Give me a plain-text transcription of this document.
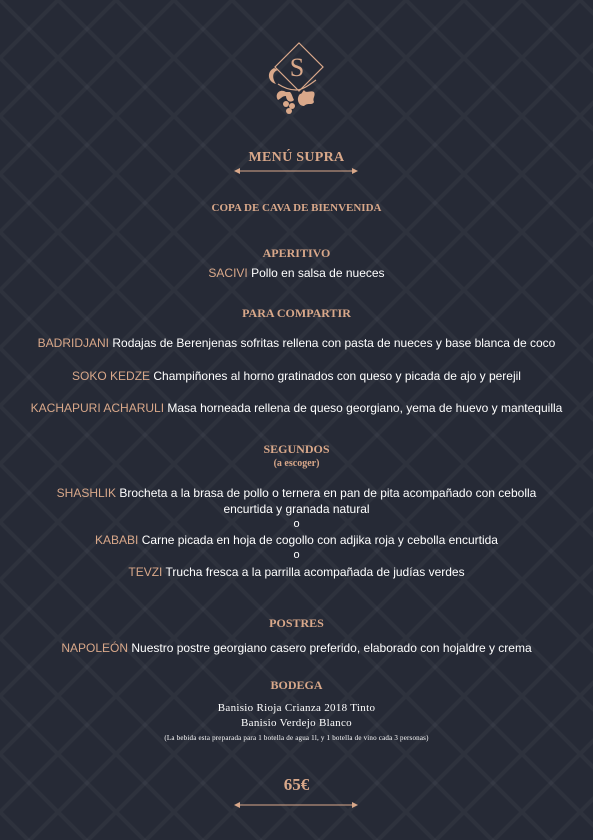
S
MENÚ SUPRA
COPA DE CAVA DE BIENVENIDA
APERITIVO
SACIVI Pollo en salsa de nueces
PARA COMPARTIR
BADRIDJANI Rodajas de Berenjenas sofritas rellena con pasta de nueces y base blanca de coco
SOKO KEDZE Champiñones al horno gratinados con queso y picada de ajo y perejil
KACHAPURI ACHARULI Masa horneada rellena de queso georgiano, yema de huevo y mantequilla
SEGUNDOS
(a escoger)
SHASHLIK Brocheta a la brasa de pollo o ternera en pan de pita acompañado con cebolla
encurtida y granada natural
o
KABABI Carne picada en hoja de cogollo con adjika roja y cebolla encurtida
o
TEVZI Trucha fresca a la parrilla acompañada de judías verdes
POSTRES
NAPOLEÓN Nuestro postre georgiano casero preferido, elaborado con hojaldre y crema
BODEGA
Banisio Rioja Crianza 2018 Tinto
Banisio Verdejo Blanco
(La bebida esta preparada para 1 botella de agua 1l, y 1 botella de vino cada 3 personas)
65€
